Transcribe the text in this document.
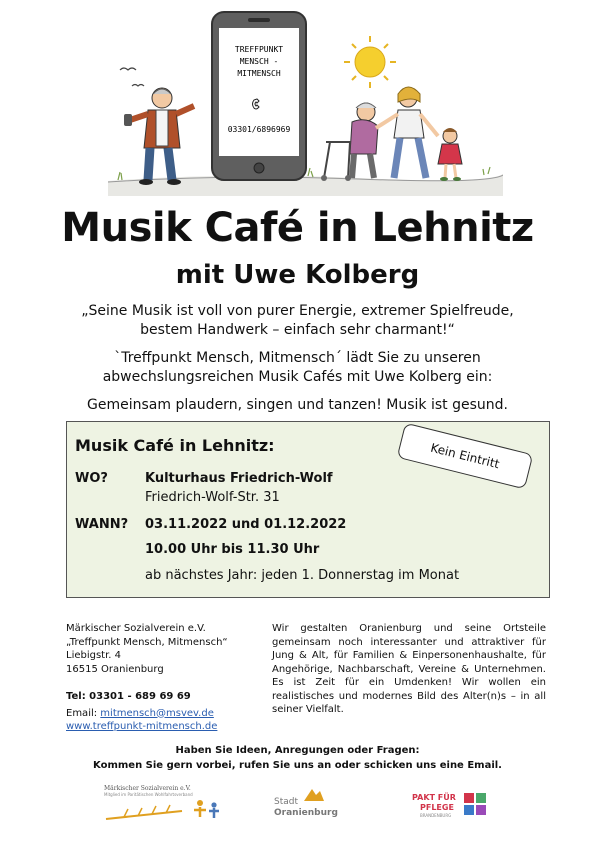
TREFFPUNKT
MENSCH -
MITMENSCH
03301/6896969
Musik Café in Lehnitz
mit Uwe Kolberg
„Seine Musik ist voll von purer Energie, extremer Spielfreude,
bestem Handwerk – einfach sehr charmant!“
`Treffpunkt Mensch, Mitmensch´ lädt Sie zu unseren
abwechslungsreichen Musik Cafés mit Uwe Kolberg ein:
Gemeinsam plaudern, singen und tanzen! Musik ist gesund.
Musik Café in Lehnitz:
WO?	Kulturhaus Friedrich-Wolf
Friedrich-Wolf-Str. 31
WANN? 03.11.2022 und 01.12.2022
10.00 Uhr bis 11.30 Uhr
ab nächstes Jahr: jeden 1. Donnerstag im Monat
Kein Eintritt
Märkischer Sozialverein e.V.
„Treffpunkt Mensch, Mitmensch“
Liebigstr. 4
16515 Oranienburg
Tel: 03301 - 689 69 69
Email: mitmensch@msvev.de
www.treffpunkt-mitmensch.de
Wir gestalten Oranienburg und seine Ortsteile gemeinsam noch interessanter und attraktiver für Jung & Alt, für Familien & Einpersonenhaushalte, für Angehörige, Nachbarschaft, Vereine & Unternehmen. Es ist Zeit für ein Umdenken! Wir wollen ein realistisches und modernes Bild des Alter(n)s – in all seiner Vielfalt.
Haben Sie Ideen, Anregungen oder Fragen:
Kommen Sie gern vorbei, rufen Sie uns an oder schicken uns eine Email.
Märkischer Sozialverein e.V.
Mitglied im Paritätischen Wohlfahrtsverband
Stadt
Oranienburg
PAKT FÜR
PFLEGE
BRANDENBURG
